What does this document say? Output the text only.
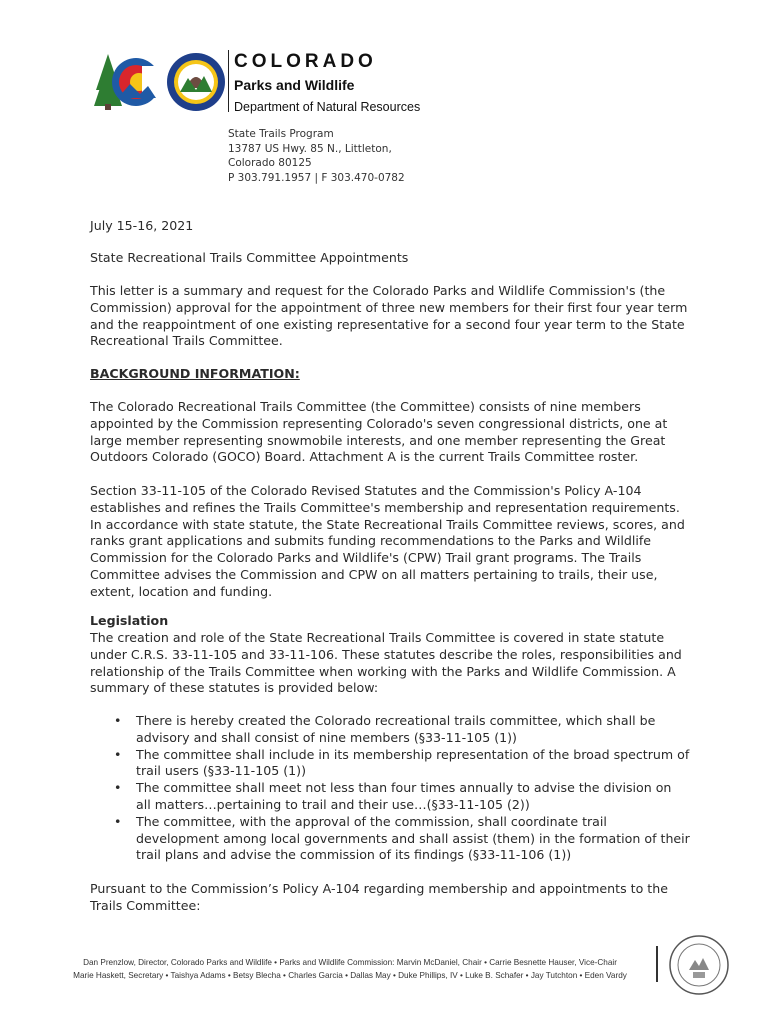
COLORADO
Parks and Wildlife
Department of Natural Resources
State Trails Program
13787 US Hwy. 85 N., Littleton,
Colorado 80125
P 303.791.1957 | F 303.470-0782

July 15-16, 2021

State Recreational Trails Committee Appointments

This letter is a summary and request for the Colorado Parks and Wildlife Commission's (the Commission) approval for the appointment of three new members for their first four year term and the reappointment of one existing representative for a second four year term to the State Recreational Trails Committee.

BACKGROUND INFORMATION:

The Colorado Recreational Trails Committee (the Committee) consists of nine members appointed by the Commission representing Colorado's seven congressional districts, one at large member representing snowmobile interests, and one member representing the Great Outdoors Colorado (GOCO) Board. Attachment A is the current Trails Committee roster.

Section 33-11-105 of the Colorado Revised Statutes and the Commission's Policy A-104 establishes and refines the Trails Committee's membership and representation requirements. In accordance with state statute, the State Recreational Trails Committee reviews, scores, and ranks grant applications and submits funding recommendations to the Parks and Wildlife Commission for the Colorado Parks and Wildlife's (CPW) Trail grant programs. The Trails Committee advises the Commission and CPW on all matters pertaining to trails, their use, extent, location and funding.

Legislation

The creation and role of the State Recreational Trails Committee is covered in state statute under C.R.S. 33-11-105 and 33-11-106. These statutes describe the roles, responsibilities and relationship of the Trails Committee when working with the Parks and Wildlife Commission. A summary of these statutes is provided below:

• There is hereby created the Colorado recreational trails committee, which shall be advisory and shall consist of nine members (§33-11-105 (1))
• The committee shall include in its membership representation of the broad spectrum of trail users (§33-11-105 (1))
• The committee shall meet not less than four times annually to advise the division on all matters…pertaining to trail and their use…(§33-11-105 (2))
• The committee, with the approval of the commission, shall coordinate trail development among local governments and shall assist (them) in the formation of their trail plans and advise the commission of its findings (§33-11-106 (1))

Pursuant to the Commission’s Policy A-104 regarding membership and appointments to the Trails Committee:

Dan Prenzlow, Director, Colorado Parks and Wildlife • Parks and Wildlife Commission: Marvin McDaniel, Chair • Carrie Besnette Hauser, Vice-Chair
Marie Haskett, Secretary • Taishya Adams • Betsy Blecha • Charles Garcia • Dallas May • Duke Phillips, IV • Luke B. Schafer • Jay Tutchton • Eden Vardy
